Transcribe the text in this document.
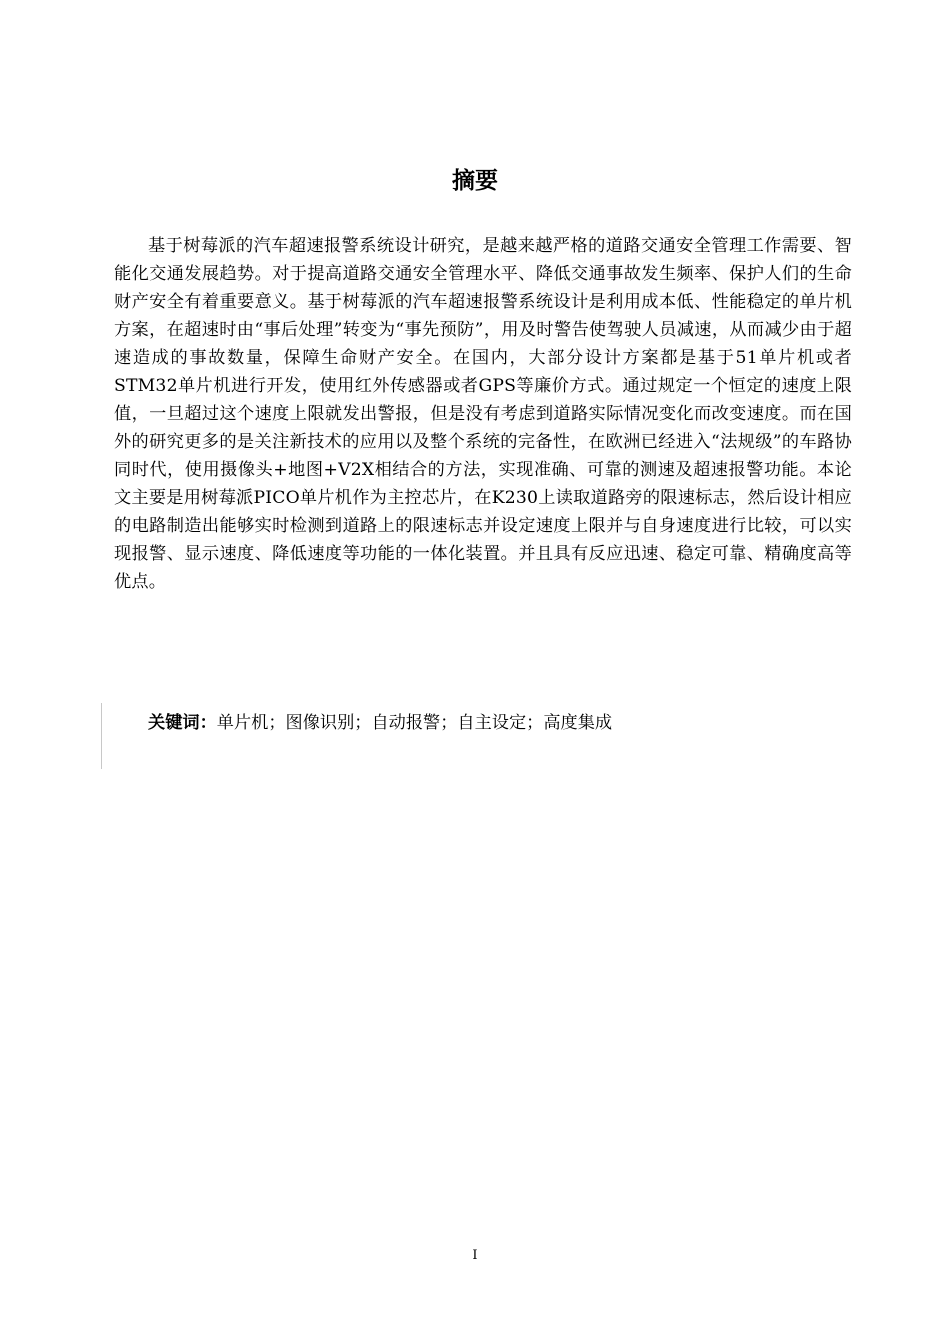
摘要

基于树莓派的汽车超速报警系统设计研究，是越来越严格的道路交通安全管理工作需要、智能化交通发展趋势。对于提高道路交通安全管理水平、降低交通事故发生频率、保护人们的生命财产安全有着重要意义。基于树莓派的汽车超速报警系统设计是利用成本低、性能稳定的单片机方案，在超速时由“事后处理”转变为“事先预防”，用及时警告使驾驶人员减速，从而减少由于超速造成的事故数量，保障生命财产安全。在国内，大部分设计方案都是基于51单片机或者STM32单片机进行开发，使用红外传感器或者GPS等廉价方式。通过规定一个恒定的速度上限值，一旦超过这个速度上限就发出警报，但是没有考虑到道路实际情况变化而改变速度。而在国外的研究更多的是关注新技术的应用以及整个系统的完备性，在欧洲已经进入“法规级”的车路协同时代，使用摄像头+地图+V2X相结合的方法，实现准确、可靠的测速及超速报警功能。本论文主要是用树莓派PICO单片机作为主控芯片，在K230上读取道路旁的限速标志，然后设计相应的电路制造出能够实时检测到道路上的限速标志并设定速度上限并与自身速度进行比较，可以实现报警、显示速度、降低速度等功能的一体化装置。并且具有反应迅速、稳定可靠、精确度高等优点。

关键词：单片机；图像识别；自动报警；自主设定；高度集成

I
